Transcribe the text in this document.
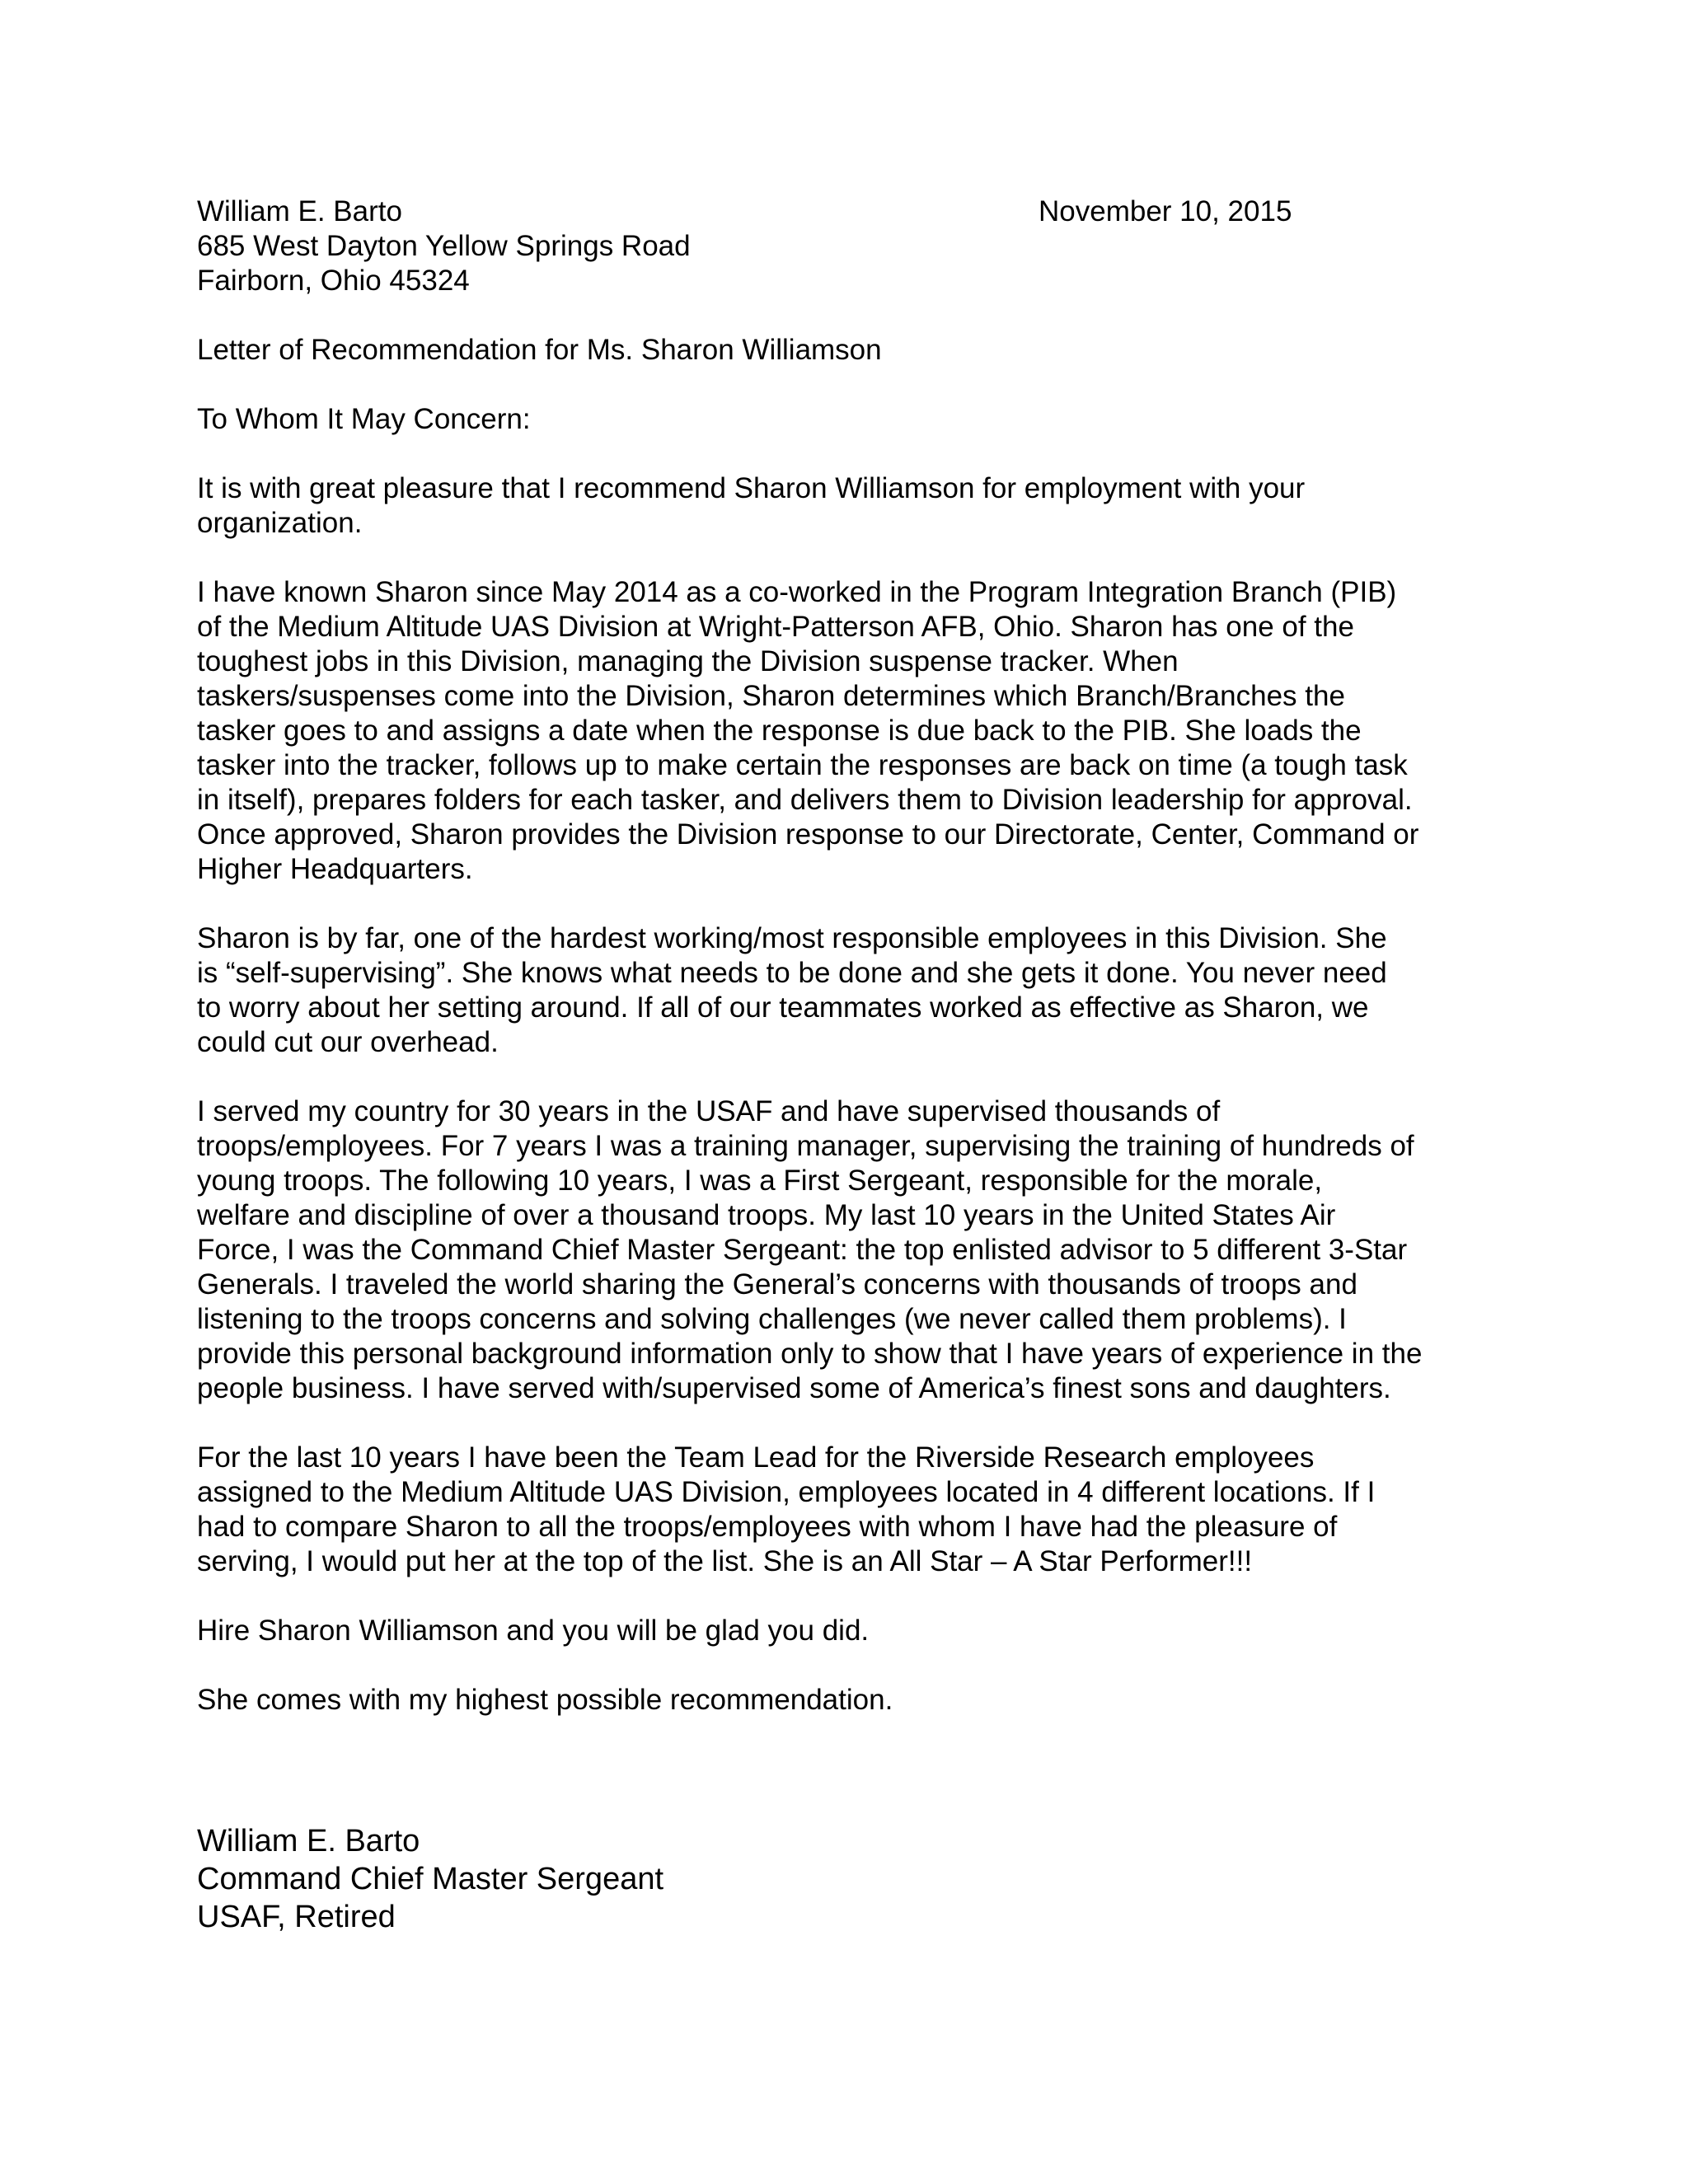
William E. Barto	November 10, 2015
685 West Dayton Yellow Springs Road
Fairborn, Ohio 45324
Letter of Recommendation for Ms. Sharon Williamson
To Whom It May Concern:

It is with great pleasure that I recommend Sharon Williamson for employment with your
organization.

I have known Sharon since May 2014 as a co-worked in the Program Integration Branch (PIB)
of the Medium Altitude UAS Division at Wright-Patterson AFB, Ohio. Sharon has one of the
toughest jobs in this Division, managing the Division suspense tracker. When
taskers/suspenses come into the Division, Sharon determines which Branch/Branches the
tasker goes to and assigns a date when the response is due back to the PIB. She loads the
tasker into the tracker, follows up to make certain the responses are back on time (a tough task
in itself), prepares folders for each tasker, and delivers them to Division leadership for approval.
Once approved, Sharon provides the Division response to our Directorate, Center, Command or
Higher Headquarters.

Sharon is by far, one of the hardest working/most responsible employees in this Division. She
is “self-supervising”. She knows what needs to be done and she gets it done. You never need
to worry about her setting around. If all of our teammates worked as effective as Sharon, we
could cut our overhead.

I served my country for 30 years in the USAF and have supervised thousands of
troops/employees. For 7 years I was a training manager, supervising the training of hundreds of
young troops. The following 10 years, I was a First Sergeant, responsible for the morale,
welfare and discipline of over a thousand troops. My last 10 years in the United States Air
Force, I was the Command Chief Master Sergeant: the top enlisted advisor to 5 different 3-Star
Generals. I traveled the world sharing the General’s concerns with thousands of troops and
listening to the troops concerns and solving challenges (we never called them problems). I
provide this personal background information only to show that I have years of experience in the
people business. I have served with/supervised some of America’s finest sons and daughters.

For the last 10 years I have been the Team Lead for the Riverside Research employees
assigned to the Medium Altitude UAS Division, employees located in 4 different locations. If I
had to compare Sharon to all the troops/employees with whom I have had the pleasure of
serving, I would put her at the top of the list. She is an All Star – A Star Performer!!!

Hire Sharon Williamson and you will be glad you did.

She comes with my highest possible recommendation.

William E. Barto
Command Chief Master Sergeant
USAF, Retired
